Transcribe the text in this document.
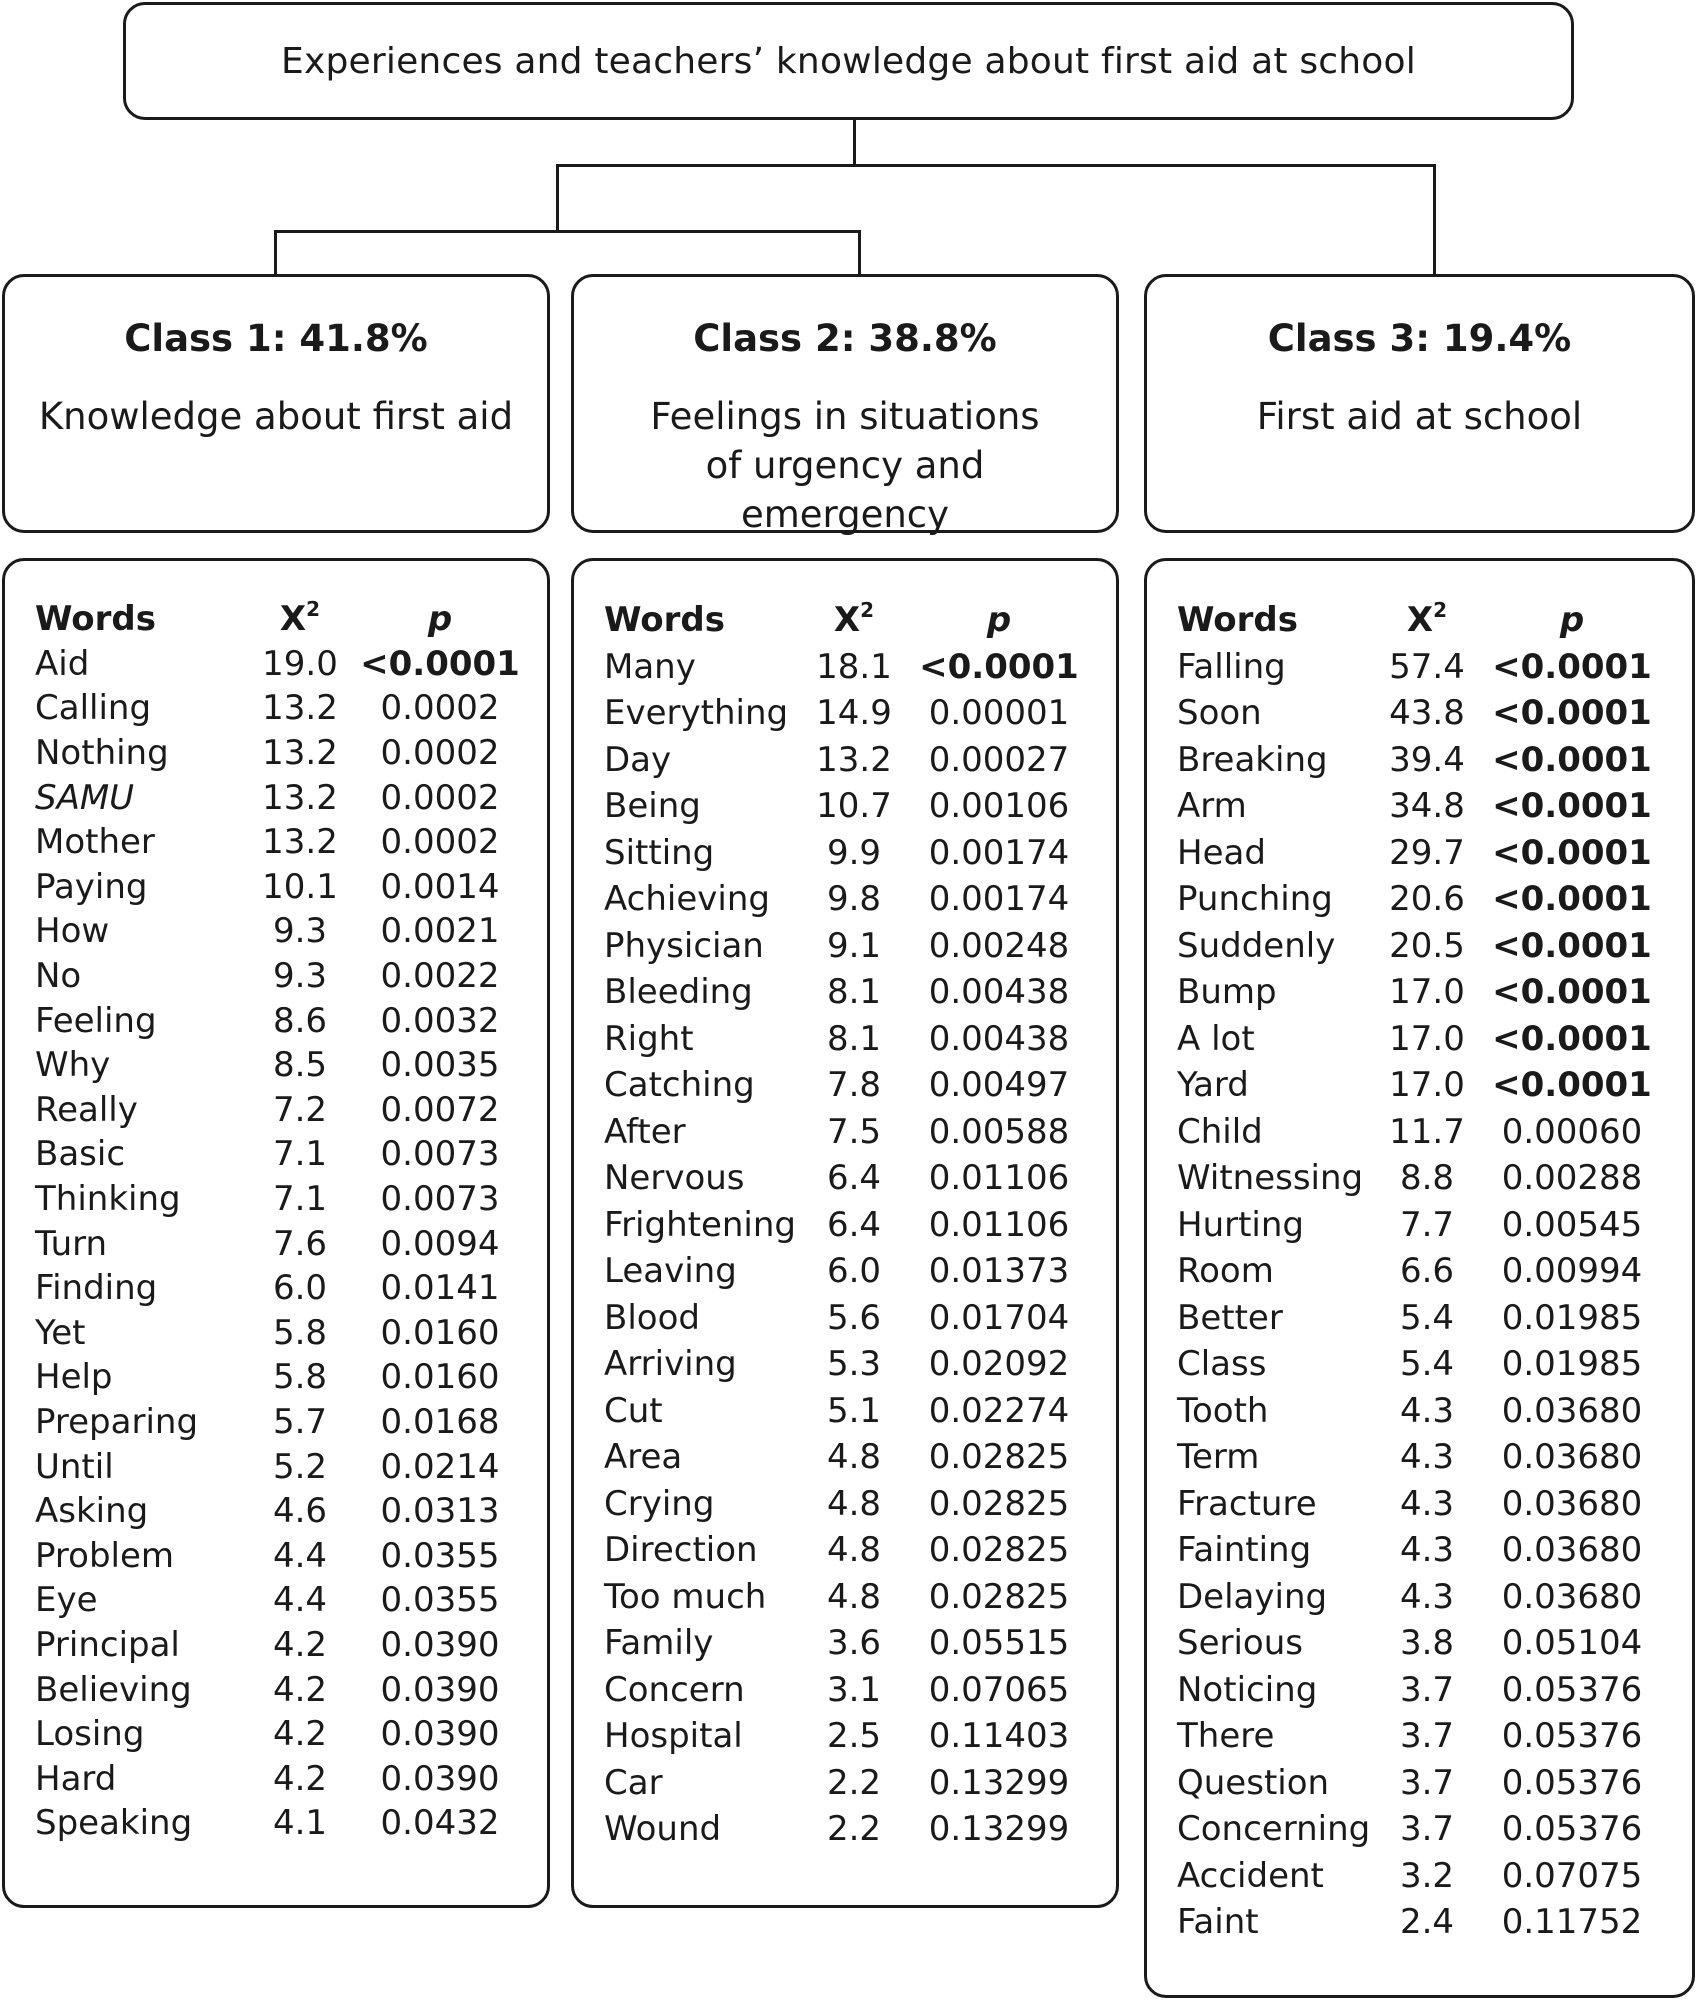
Experiences and teachers’ knowledge about first aid at school
Class 1: 41.8%
Knowledge about first aid
Class 2: 38.8%
Feelings in situations of urgency and emergency
Class 3: 19.4%
First aid at school
Words	$X^2$	p
Aid	19.0	<0.0001
Calling	13.2	0.0002
Nothing	13.2	0.0002
SAMU	13.2	0.0002
Mother	13.2	0.0002
Paying	10.1	0.0014
How	9.3	0.0021
No	9.3	0.0022
Feeling	8.6	0.0032
Why	8.5	0.0035
Really	7.2	0.0072
Basic	7.1	0.0073
Thinking	7.1	0.0073
Turn	7.6	0.0094
Finding	6.0	0.0141
Yet	5.8	0.0160
Help	5.8	0.0160
Preparing	5.7	0.0168
Until	5.2	0.0214
Asking	4.6	0.0313
Problem	4.4	0.0355
Eye	4.4	0.0355
Principal	4.2	0.0390
Believing	4.2	0.0390
Losing	4.2	0.0390
Hard	4.2	0.0390
Speaking	4.1	0.0432
Words	$X^2$	p
Many	18.1	<0.0001
Everything	14.9	0.00001
Day	13.2	0.00027
Being	10.7	0.00106
Sitting	9.9	0.00174
Achieving	9.8	0.00174
Physician	9.1	0.00248
Bleeding	8.1	0.00438
Right	8.1	0.00438
Catching	7.8	0.00497
After	7.5	0.00588
Nervous	6.4	0.01106
Frightening	6.4	0.01106
Leaving	6.0	0.01373
Blood	5.6	0.01704
Arriving	5.3	0.02092
Cut	5.1	0.02274
Area	4.8	0.02825
Crying	4.8	0.02825
Direction	4.8	0.02825
Too much	4.8	0.02825
Family	3.6	0.05515
Concern	3.1	0.07065
Hospital	2.5	0.11403
Car	2.2	0.13299
Wound	2.2	0.13299
Words	$X^2$	p
Falling	57.4	<0.0001
Soon	43.8	<0.0001
Breaking	39.4	<0.0001
Arm	34.8	<0.0001
Head	29.7	<0.0001
Punching	20.6	<0.0001
Suddenly	20.5	<0.0001
Bump	17.0	<0.0001
A lot	17.0	<0.0001
Yard	17.0	<0.0001
Child	11.7	0.00060
Witnessing	8.8	0.00288
Hurting	7.7	0.00545
Room	6.6	0.00994
Better	5.4	0.01985
Class	5.4	0.01985
Tooth	4.3	0.03680
Term	4.3	0.03680
Fracture	4.3	0.03680
Fainting	4.3	0.03680
Delaying	4.3	0.03680
Serious	3.8	0.05104
Noticing	3.7	0.05376
There	3.7	0.05376
Question	3.7	0.05376
Concerning	3.7	0.05376
Accident	3.2	0.07075
Faint	2.4	0.11752
